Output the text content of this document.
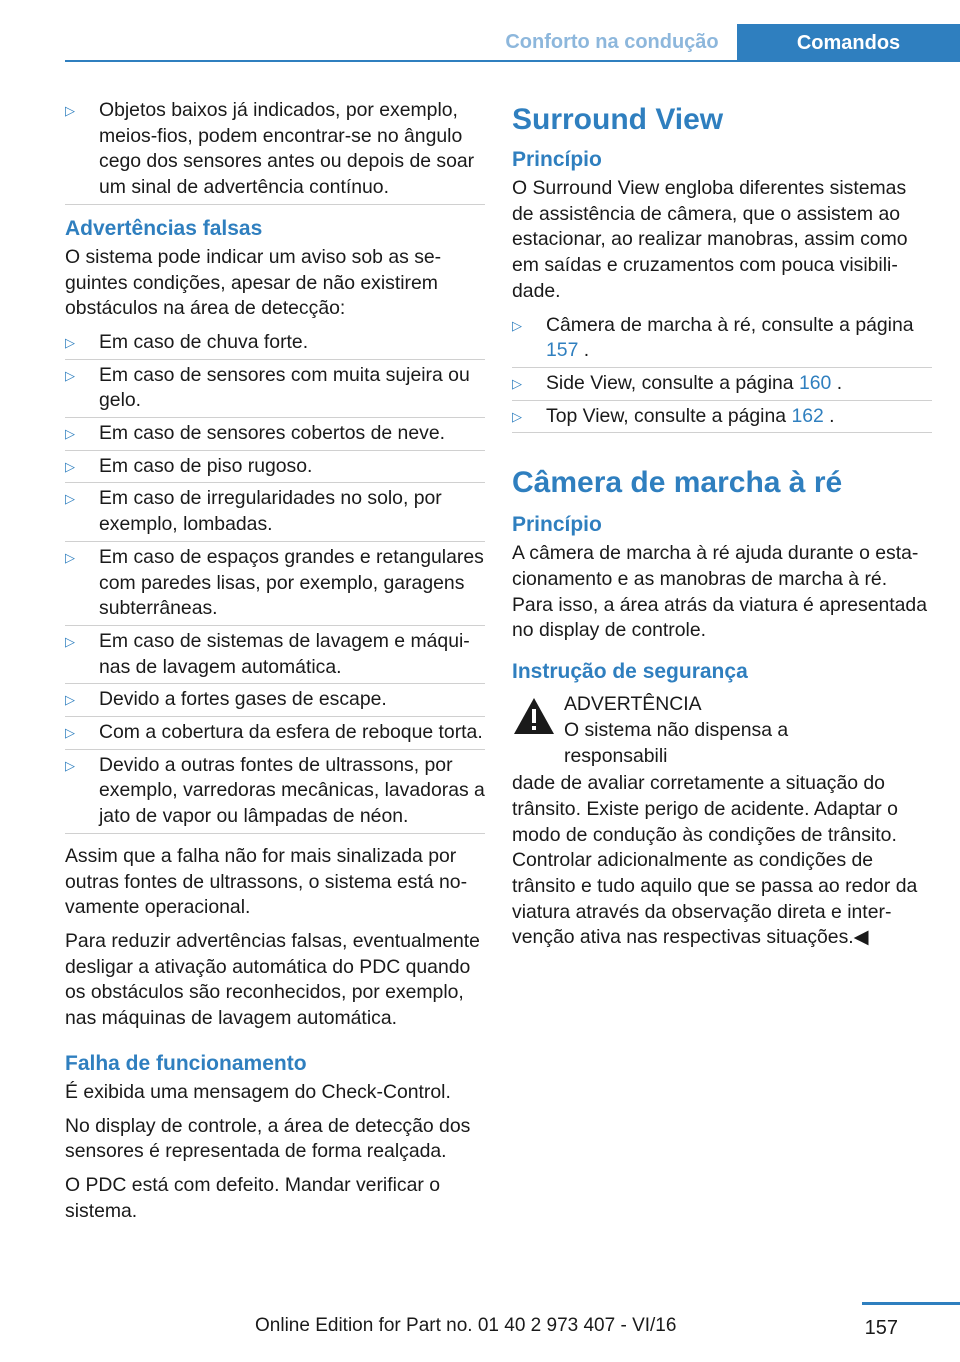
Conforto na condução	Comandos
▷
Objetos baixos já indicados, por exemplo, meios-fios, podem encontrar-se no ângulo cego dos sensores antes ou depois de soar um sinal de advertência contínuo.
Advertências falsas

O sistema pode indicar um aviso sob as seguintes condições, apesar de não existirem obstáculos na área de detecção:

▷
Em caso de chuva forte.
▷
Em caso de sensores com muita sujeira ou gelo.
▷
Em caso de sensores cobertos de neve.
▷
Em caso de piso rugoso.
▷
Em caso de irregularidades no solo, por exemplo, lombadas.
▷
Em caso de espaços grandes e retangulares com paredes lisas, por exemplo, garagens subterrâneas.
▷
Em caso de sistemas de lavagem e máquinas de lavagem automática.
▷
Devido a fortes gases de escape.
▷
Com a cobertura da esfera de reboque torta.
▷
Devido a outras fontes de ultrassons, por exemplo, varredoras mecânicas, lavadoras a jato de vapor ou lâmpadas de néon.

Assim que a falha não for mais sinalizada por outras fontes de ultrassons, o sistema está novamente operacional.

Para reduzir advertências falsas, eventualmente desligar a ativação automática do PDC quando os obstáculos são reconhecidos, por exemplo, nas máquinas de lavagem automática.

Falha de funcionamento

É exibida uma mensagem do Check-Control.

No display de controle, a área de detecção dos sensores é representada de forma realçada.

O PDC está com defeito. Mandar verificar o sistema.

Surround View
Princípio

O Surround View engloba diferentes sistemas de assistência de câmera, que o assistem ao estacionar, ao realizar manobras, assim como em saídas e cruzamentos com pouca visibilidade.

▷
Câmera de marcha à ré, consulte a página 157 .
▷
Side View, consulte a página 160 .
▷
Top View, consulte a página 162 .
Câmera de marcha à ré
Princípio

A câmera de marcha à ré ajuda durante o estacionamento e as manobras de marcha à ré. Para isso, a área atrás da viatura é apresentada no display de controle.

Instrução de segurança
ADVERTÊNCIA
O sistema não dispensa a responsabili

dade de avaliar corretamente a situação do trânsito. Existe perigo de acidente. Adaptar o modo de condução às condições de trânsito. Controlar adicionalmente as condições de trânsito e tudo aquilo que se passa ao redor da viatura através da observação direta e intervenção ativa nas respectivas situações.◀

157
Online Edition for Part no. 01 40 2 973 407 - VI/16
